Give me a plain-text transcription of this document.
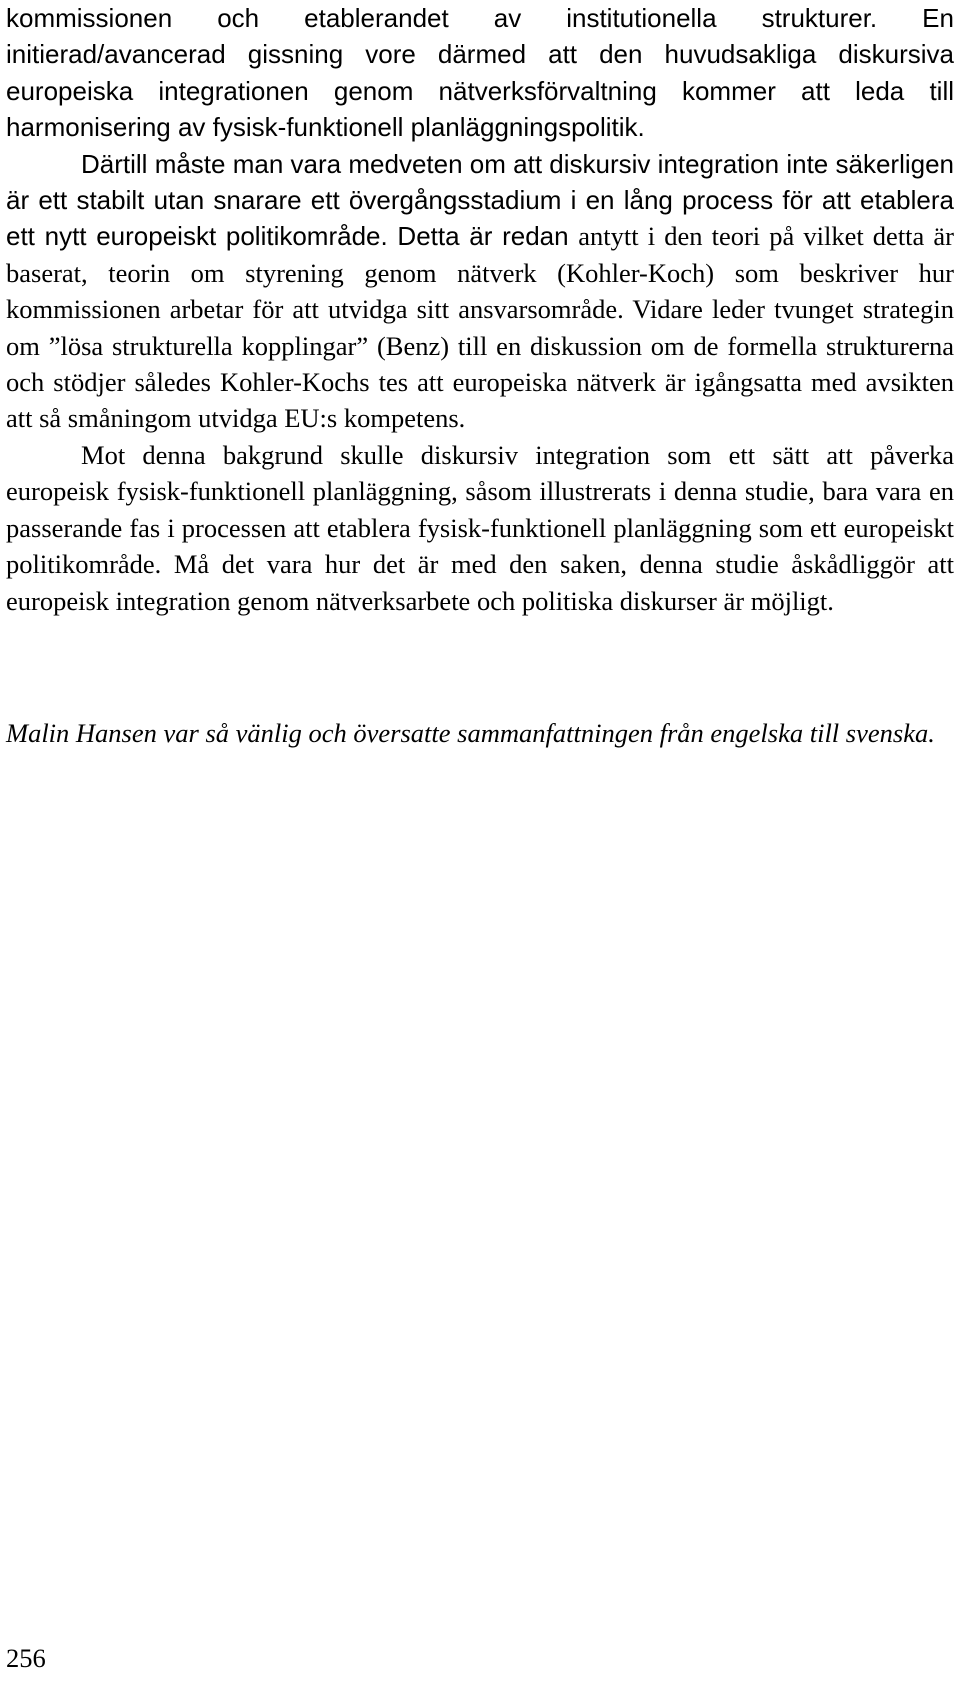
kommissionen och etablerandet av institutionella strukturer. En initierad/avancerad gissning vore därmed att den huvudsakliga diskursiva europeiska integrationen genom nätverksförvaltning kommer att leda till harmonisering av fysisk-funktionell planläggningspolitik.

Därtill måste man vara medveten om att diskursiv integration inte säkerligen är ett stabilt utan snarare ett övergångsstadium i en lång process för att etablera ett nytt europeiskt politikområde. Detta är redan antytt i den teori på vilket detta är baserat, teorin om styrening genom nätverk (Kohler-Koch) som beskriver hur kommissionen arbetar för att utvidga sitt ansvarsområde. Vidare leder tvunget strategin om ”lösa strukturella kopplingar” (Benz) till en diskussion om de formella strukturerna och stödjer således Kohler-Kochs tes att europeiska nätverk är igångsatta med avsikten att så småningom utvidga EU:s kompetens.

Mot denna bakgrund skulle diskursiv integration som ett sätt att påverka europeisk fysisk-funktionell planläggning, såsom illustrerats i denna studie, bara vara en passerande fas i processen att etablera fysisk-funktionell planläggning som ett europeiskt politikområde. Må det vara hur det är med den saken, denna studie åskådliggör att europeisk integration genom nätverksarbete och politiska diskurser är möjligt.

Malin Hansen var så vänlig och översatte sammanfattningen från engelska till svenska.

256
